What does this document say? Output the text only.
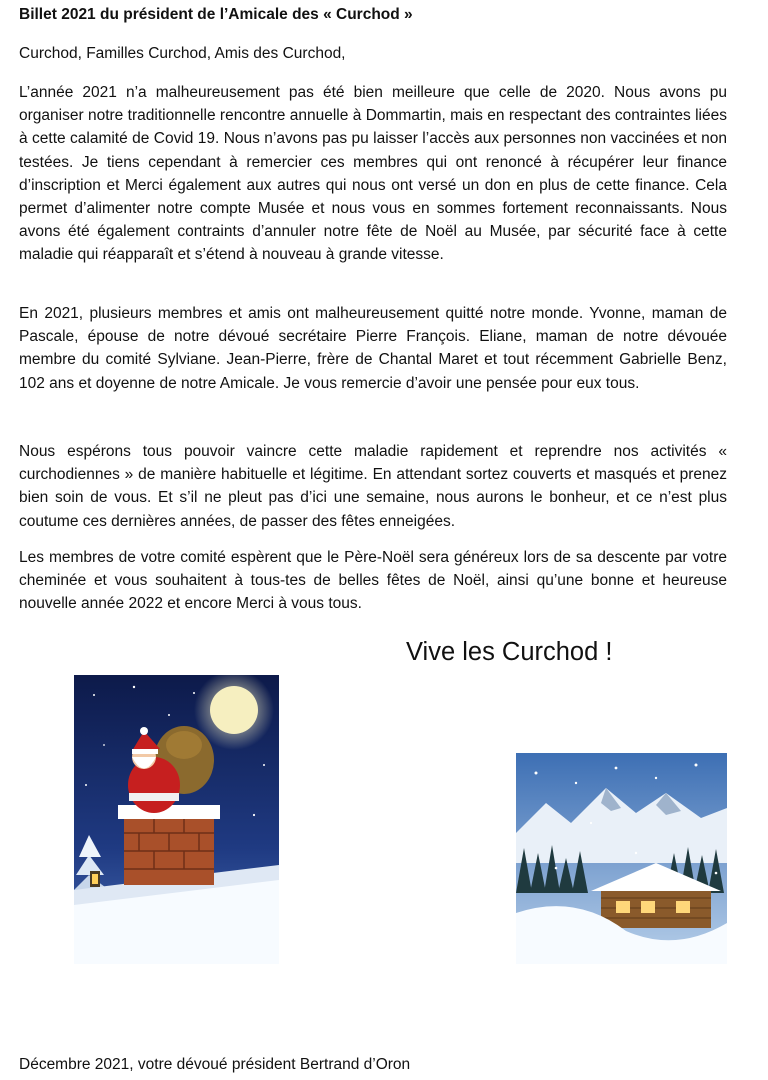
Billet 2021 du président de l’Amicale des « Curchod »
Curchod, Familles Curchod, Amis des Curchod,

L’année 2021 n’a malheureusement pas été bien meilleure que celle de 2020. Nous avons pu organiser notre traditionnelle rencontre annuelle à Dommartin, mais en respectant des contraintes liées à cette calamité de Covid 19. Nous n’avons pas pu laisser l’accès aux personnes non vaccinées et non testées. Je tiens cependant à remercier ces membres qui ont renoncé à récupérer leur finance d’inscription et Merci également aux autres qui nous ont versé un don en plus de cette finance. Cela permet d’alimenter notre compte Musée et nous vous en sommes fortement reconnaissants. Nous avons été également contraints d’annuler notre fête de Noël au Musée, par sécurité face à cette maladie qui réapparaît et s’étend à nouveau à grande vitesse.

En 2021, plusieurs membres et amis ont malheureusement quitté notre monde. Yvonne, maman de Pascale, épouse de notre dévoué secrétaire Pierre François. Eliane, maman de notre dévouée membre du comité Sylviane. Jean-Pierre, frère de Chantal Maret et tout récemment Gabrielle Benz, 102 ans et doyenne de notre Amicale. Je vous remercie d’avoir une pensée pour eux tous.

Nous espérons tous pouvoir vaincre cette maladie rapidement et reprendre nos activités « curchodiennes » de manière habituelle et légitime. En attendant sortez couverts et masqués et prenez bien soin de vous. Et s’il ne pleut pas d’ici une semaine, nous aurons le bonheur, et ce n’est plus coutume ces dernières années, de passer des fêtes enneigées.

Les membres de votre comité espèrent que le Père-Noël sera généreux lors de sa descente par votre cheminée et vous souhaitent à tous-tes de belles fêtes de Noël, ainsi qu’une bonne et heureuse nouvelle année 2022 et encore Merci à vous tous.

Vive les Curchod !
Décembre 2021, votre dévoué président Bertrand d’Oron
